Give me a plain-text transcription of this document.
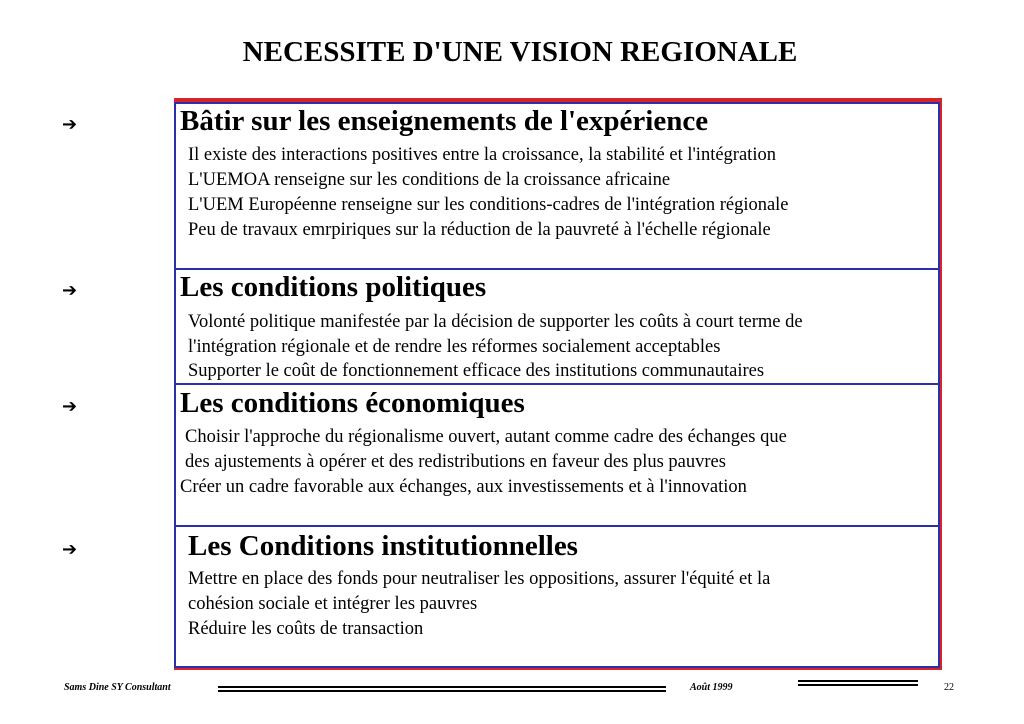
NECESSITE D'UNE VISION REGIONALE
➔	Bâtir sur les enseignements de l'expérience
Il existe des interactions positives entre la croissance, la stabilité et l'intégration
L'UEMOA renseigne sur les conditions de la croissance africaine
L'UEM Européenne renseigne sur les conditions-cadres de l'intégration régionale
Peu de travaux emrpiriques sur la réduction de la pauvreté à l'échelle régionale
➔	Les conditions politiques
Volonté politique manifestée par la décision de supporter les coûts à court terme de
l'intégration régionale et de rendre les réformes socialement acceptables
Supporter le coût de fonctionnement efficace des institutions communautaires
➔	Les conditions économiques
Choisir l'approche du régionalisme ouvert, autant comme cadre des échanges que
des ajustements à opérer et des redistributions en faveur des plus pauvres
Créer un cadre favorable aux échanges, aux investissements et à l'innovation
➔	Les Conditions institutionnelles
Mettre en place des fonds pour neutraliser les oppositions, assurer l'équité et la
cohésion sociale et intégrer les pauvres
Réduire les coûts de transaction
Sams Dine SY Consultant	Août 1999	22
